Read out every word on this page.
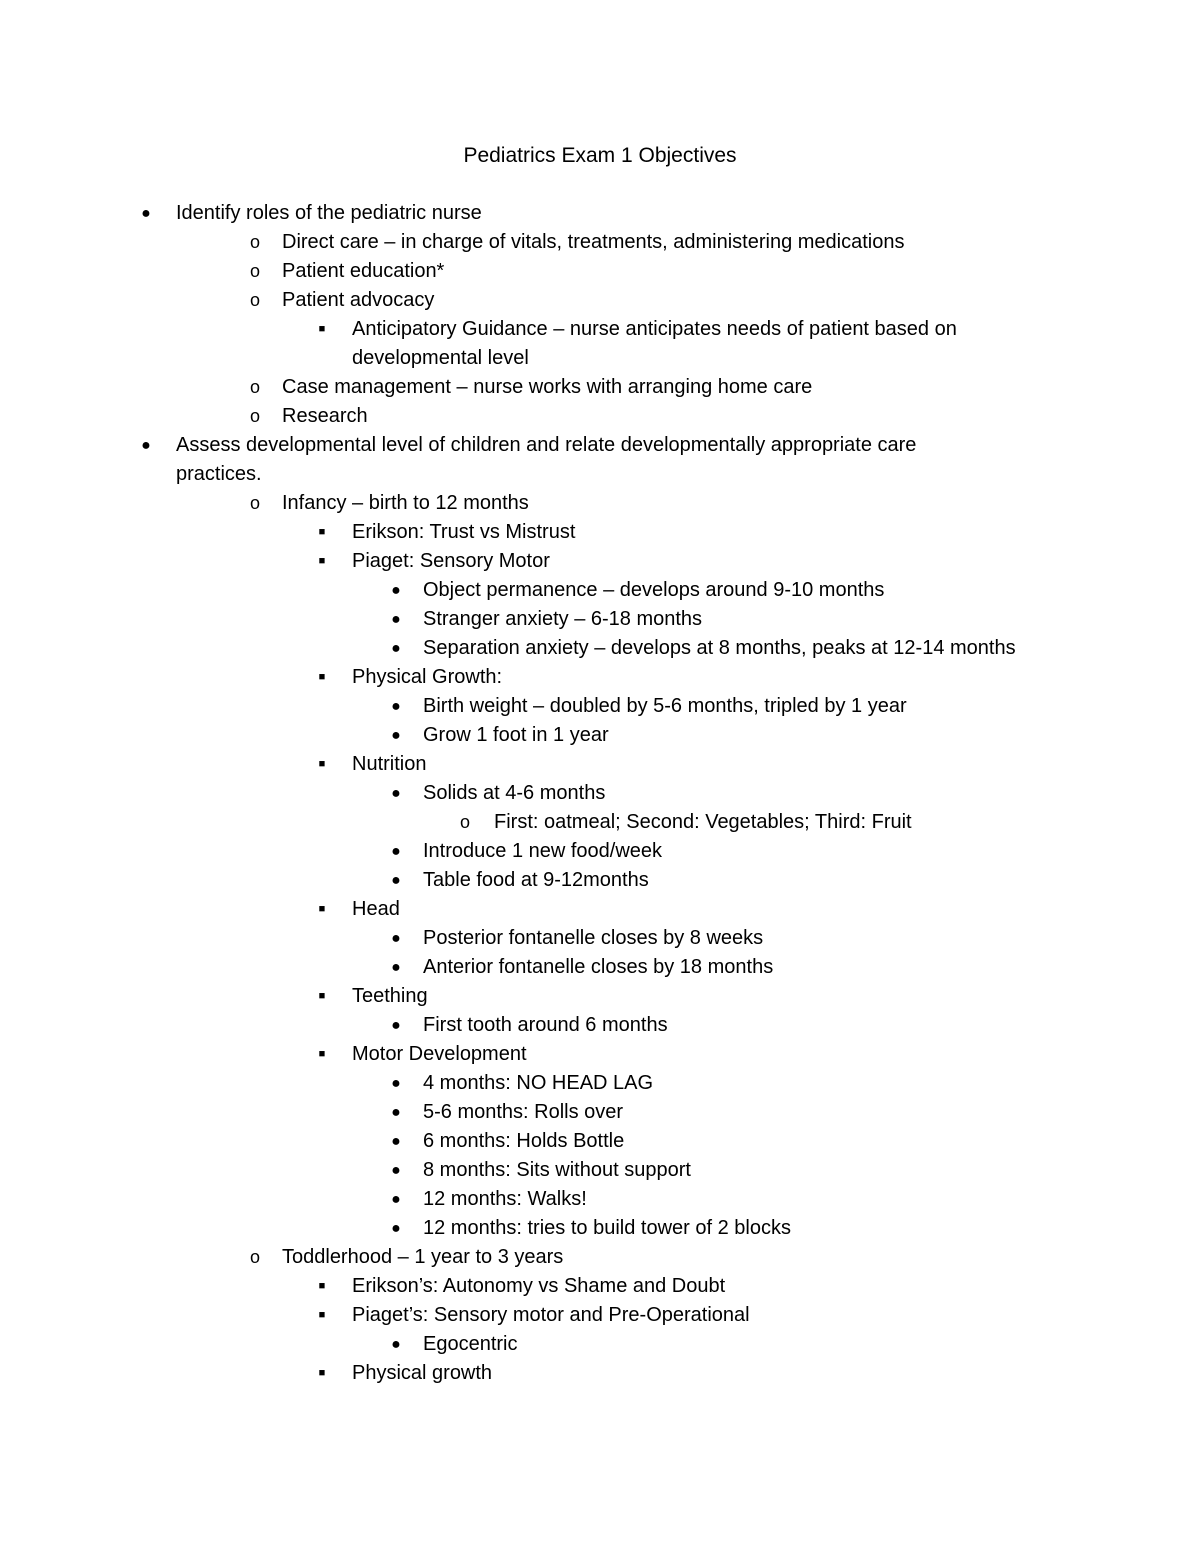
Pediatrics Exam 1 Objectives
●	Identify roles of the pediatric nurse
o	Direct care – in charge of vitals, treatments, administering medications
o	Patient education*
o	Patient advocacy
■	Anticipatory Guidance – nurse anticipates needs of patient based on
developmental level
o	Case management – nurse works with arranging home care
o	Research
●	Assess developmental level of children and relate developmentally appropriate care
practices.
o	Infancy – birth to 12 months
■	Erikson: Trust vs Mistrust
■	Piaget: Sensory Motor
●	Object permanence – develops around 9-10 months
●	Stranger anxiety – 6-18 months
●	Separation anxiety – develops at 8 months, peaks at 12-14 months
■	Physical Growth:
●	Birth weight – doubled by 5-6 months, tripled by 1 year
●	Grow 1 foot in 1 year
■	Nutrition
●	Solids at 4-6 months
o	First: oatmeal; Second: Vegetables; Third: Fruit
●	Introduce 1 new food/week
●	Table food at 9-12months
■	Head
●	Posterior fontanelle closes by 8 weeks
●	Anterior fontanelle closes by 18 months
■	Teething
●	First tooth around 6 months
■	Motor Development
●	4 months: NO HEAD LAG
●	5-6 months: Rolls over
●	6 months: Holds Bottle
●	8 months: Sits without support
●	12 months: Walks!
●	12 months: tries to build tower of 2 blocks
o	Toddlerhood – 1 year to 3 years
■	Erikson’s: Autonomy vs Shame and Doubt
■	Piaget’s: Sensory motor and Pre-Operational
●	Egocentric
■	Physical growth
